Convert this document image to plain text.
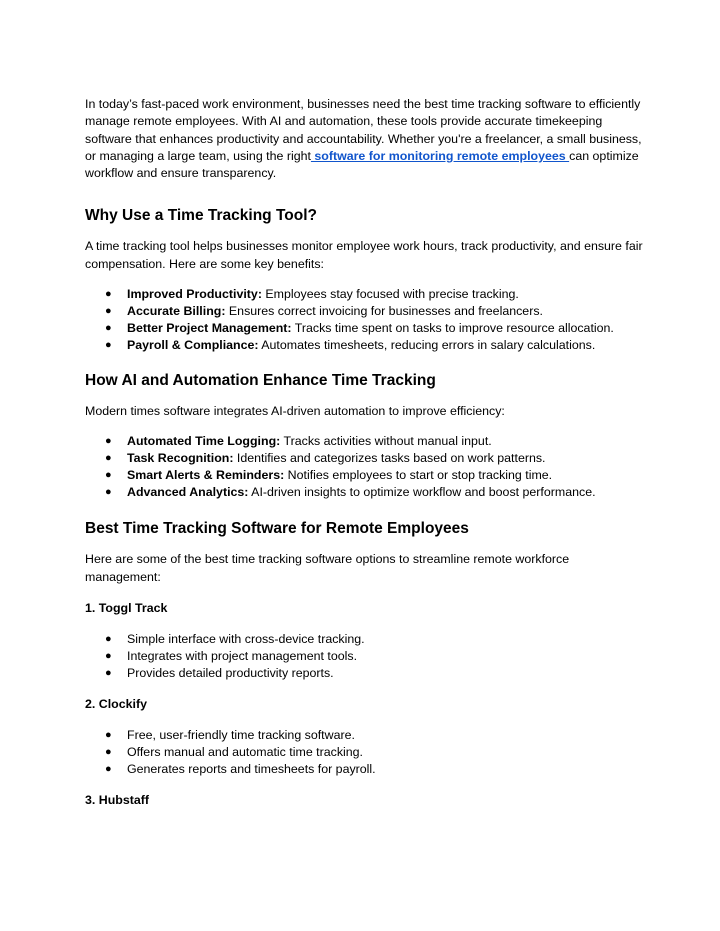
In today’s fast-paced work environment, businesses need the best time tracking software to efficiently manage remote employees. With AI and automation, these tools provide accurate timekeeping software that enhances productivity and accountability. Whether you're a freelancer, a small business, or managing a large team, using the right software for monitoring remote employees can optimize workflow and ensure transparency.

Why Use a Time Tracking Tool?

A time tracking tool helps businesses monitor employee work hours, track productivity, and ensure fair compensation. Here are some key benefits:

● Improved Productivity: Employees stay focused with precise tracking.
● Accurate Billing: Ensures correct invoicing for businesses and freelancers.
● Better Project Management: Tracks time spent on tasks to improve resource allocation.
● Payroll & Compliance: Automates timesheets, reducing errors in salary calculations.
How AI and Automation Enhance Time Tracking

Modern times software integrates AI-driven automation to improve efficiency:

● Automated Time Logging: Tracks activities without manual input.
● Task Recognition: Identifies and categorizes tasks based on work patterns.
● Smart Alerts & Reminders: Notifies employees to start or stop tracking time.
● Advanced Analytics: AI-driven insights to optimize workflow and boost performance.
Best Time Tracking Software for Remote Employees

Here are some of the best time tracking software options to streamline remote workforce management:

1. Toggl Track
● Simple interface with cross-device tracking.
● Integrates with project management tools.
● Provides detailed productivity reports.
2. Clockify
● Free, user-friendly time tracking software.
● Offers manual and automatic time tracking.
● Generates reports and timesheets for payroll.
3. Hubstaff
